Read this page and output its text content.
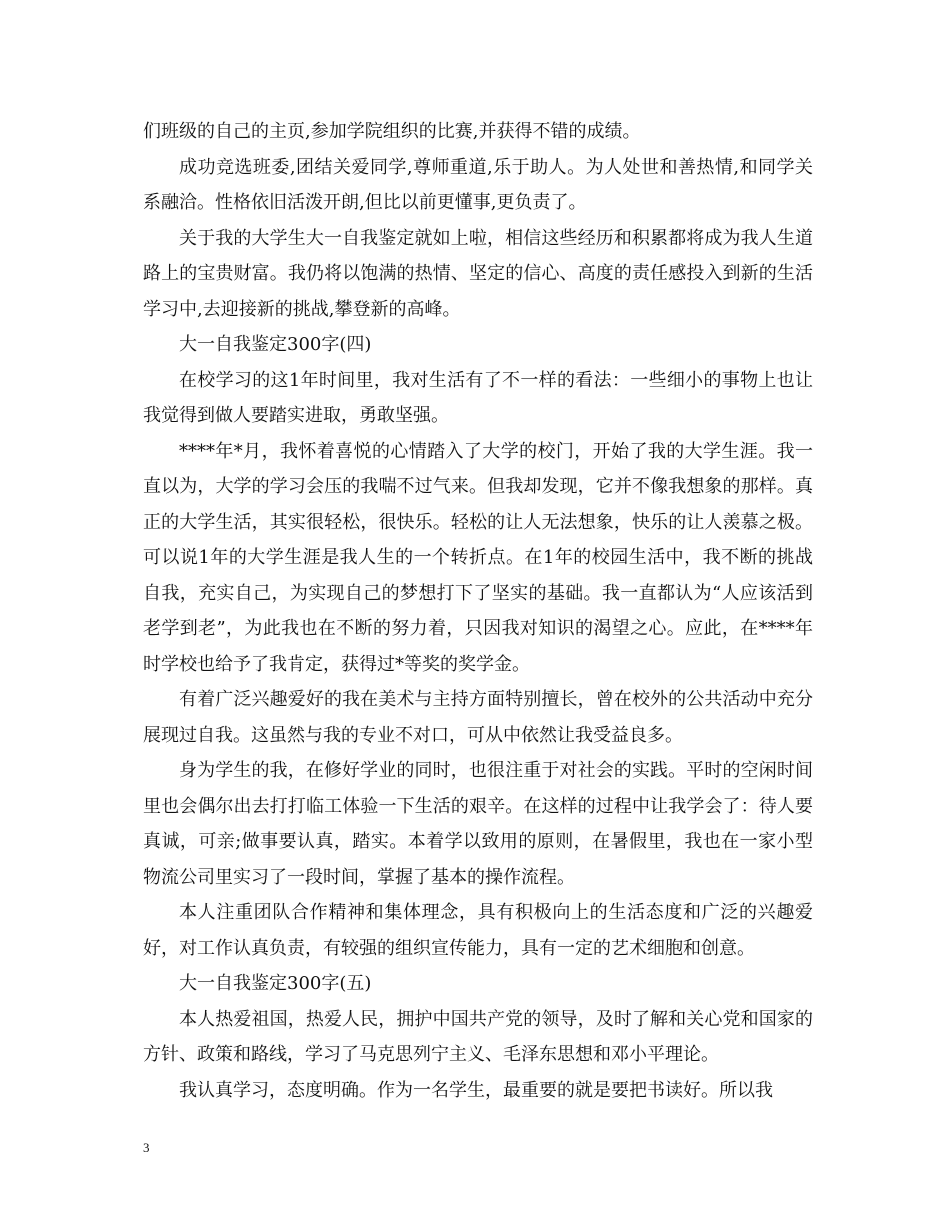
们班级的自己的主页,参加学院组织的比赛,并获得不错的成绩。

成功竞选班委,团结关爱同学,尊师重道,乐于助人。为人处世和善热情,和同学关系融洽。性格依旧活泼开朗,但比以前更懂事,更负责了。

关于我的大学生大一自我鉴定就如上啦，相信这些经历和积累都将成为我人生道路上的宝贵财富。我仍将以饱满的热情、坚定的信心、高度的责任感投入到新的生活学习中,去迎接新的挑战,攀登新的高峰。

大一自我鉴定300字(四)

在校学习的这1年时间里，我对生活有了不一样的看法：一些细小的事物上也让我觉得到做人要踏实进取，勇敢坚强。

****年*月，我怀着喜悦的心情踏入了大学的校门，开始了我的大学生涯。我一直以为，大学的学习会压的我喘不过气来。但我却发现，它并不像我想象的那样。真正的大学生活，其实很轻松，很快乐。轻松的让人无法想象，快乐的让人羡慕之极。可以说1年的大学生涯是我人生的一个转折点。在1年的校园生活中，我不断的挑战自我，充实自己，为实现自己的梦想打下了坚实的基础。我一直都认为“人应该活到老学到老”，为此我也在不断的努力着，只因我对知识的渴望之心。应此，在****年时学校也给予了我肯定，获得过*等奖的奖学金。

有着广泛兴趣爱好的我在美术与主持方面特别擅长，曾在校外的公共活动中充分展现过自我。这虽然与我的专业不对口，可从中依然让我受益良多。

身为学生的我，在修好学业的同时，也很注重于对社会的实践。平时的空闲时间里也会偶尔出去打打临工体验一下生活的艰辛。在这样的过程中让我学会了：待人要真诚，可亲;做事要认真，踏实。本着学以致用的原则，在暑假里，我也在一家小型物流公司里实习了一段时间，掌握了基本的操作流程。

本人注重团队合作精神和集体理念，具有积极向上的生活态度和广泛的兴趣爱好，对工作认真负责，有较强的组织宣传能力，具有一定的艺术细胞和创意。

大一自我鉴定300字(五)

本人热爱祖国，热爱人民，拥护中国共产党的领导，及时了解和关心党和国家的方针、政策和路线，学习了马克思列宁主义、毛泽东思想和邓小平理论。

我认真学习，态度明确。作为一名学生，最重要的就是要把书读好。所以我

3
